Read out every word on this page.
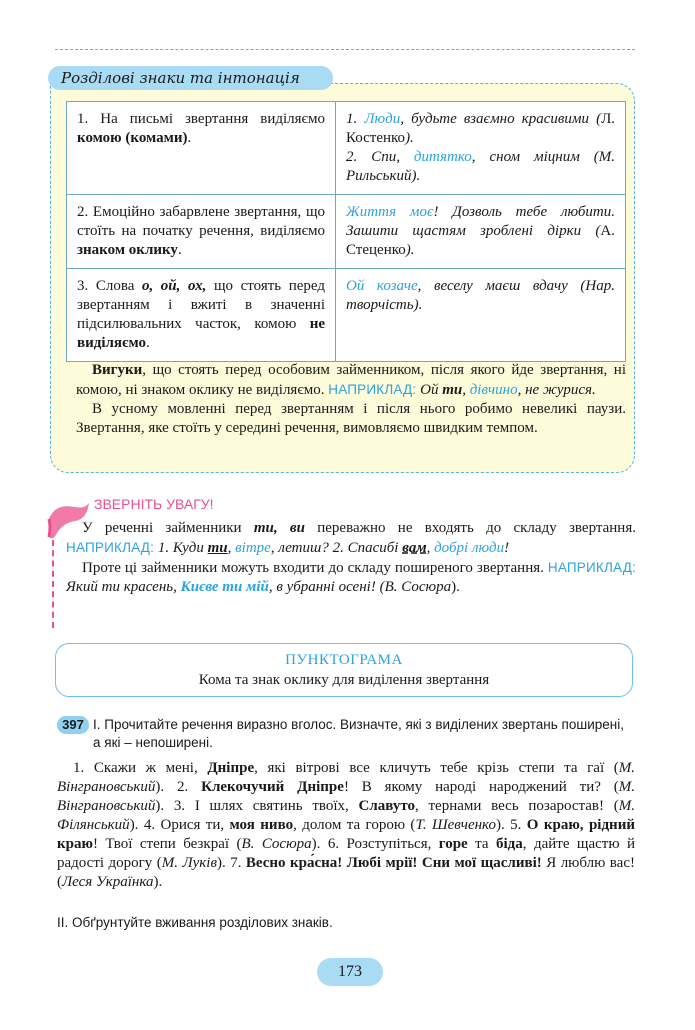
Розділові знаки та інтонація
1. На письмі звертання виділяємо комою (комами).	1. Люди, будьте взаємно красивими (Л. Костенко).
2. Спи, дитятко, сном міцним (М. Рильський).
2. Емоційно забарвлене звертання, що стоїть на початку речення, виділяємо знаком оклику.	Життя моє! Дозволь тебе любити. Зашити щастям зроблені дірки (А. Стеценко).
3. Слова о, ой, ох, що стоять перед звертанням і вжиті в значенні підсилювальних часток, комою не виділяємо.	Ой козаче, веселу маєш вдачу (Нар. творчість).

Вигуки, що стоять перед особовим займенником, після якого йде звертання, ні комою, ні знаком оклику не виділяємо. НАПРИКЛАД: Ой ти, дівчино, не журися.

В усному мовленні перед звертанням і після нього робимо невеликі паузи. Звертання, яке стоїть у середині речення, вимовляємо швидким темпом.

ЗВЕРНІТЬ УВАГУ!

У реченні займенники ти, ви переважно не входять до складу звертання. НАПРИКЛАД: 1. Куди ти, вітре, летиш? 2. Спасибі вам, добрі люди!

Проте ці займенники можуть входити до складу поширеного звертання. НАПРИКЛАД: Який ти красень, Києве ти мій, в убранні осені! (В. Сосюра).

ПУНКТОГРАМА
Кома та знак оклику для виділення звертання
397 І. Прочитайте речення виразно вголос. Визначте, які з виділених звертань поширені, а які – непоширені.

1. Скажи ж мені, Дніпре, які вітрові все кличуть тебе крізь степи та гаї (М. Вінграновський). 2. Клекочучий Дніпре! В якому народі народжений ти? (М. Вінграновський). 3. І шлях святинь твоїх, Славуто, тернами весь позаростав! (М. Філянський). 4. Орися ти, моя ниво, долом та горою (Т. Шевченко). 5. О краю, рідний краю! Твої степи безкраї (В. Сосюра). 6. Розступіться, горе та біда, дайте щастю й радості дорогу (М. Луків). 7. Весно кра́сна! Любі мрії! Сни мої щасливі! Я люблю вас! (Леся Українка).

ІІ. Обґрунтуйте вживання розділових знаків.
173
